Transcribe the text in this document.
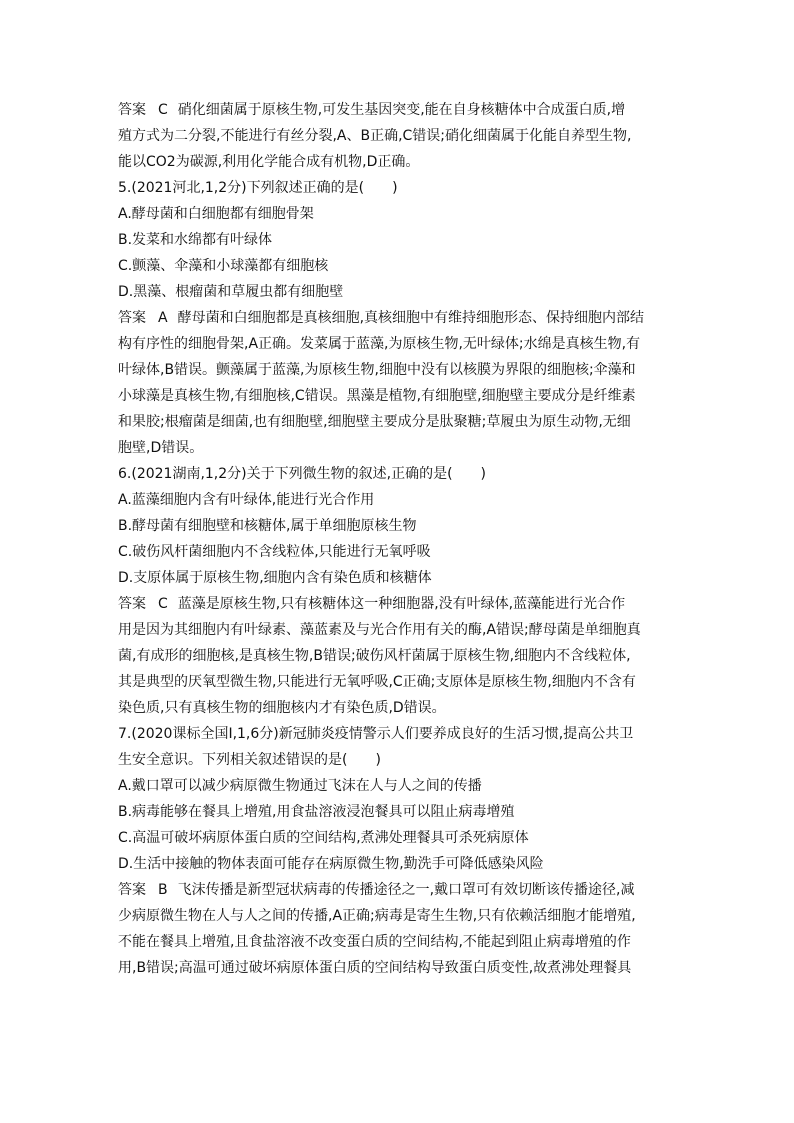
答案 C 硝化细菌属于原核生物,可发生基因突变,能在自身核糖体中合成蛋白质,增
殖方式为二分裂,不能进行有丝分裂,A、B正确,C错误;硝化细菌属于化能自养型生物,
能以CO2为碳源,利用化学能合成有机物,D正确。
5.(2021河北,1,2分)下列叙述正确的是(　　)
A.酵母菌和白细胞都有细胞骨架
B.发菜和水绵都有叶绿体
C.颤藻、伞藻和小球藻都有细胞核
D.黑藻、根瘤菌和草履虫都有细胞壁
答案 A 酵母菌和白细胞都是真核细胞,真核细胞中有维持细胞形态、保持细胞内部结
构有序性的细胞骨架,A正确。发菜属于蓝藻,为原核生物,无叶绿体;水绵是真核生物,有
叶绿体,B错误。颤藻属于蓝藻,为原核生物,细胞中没有以核膜为界限的细胞核;伞藻和
小球藻是真核生物,有细胞核,C错误。黑藻是植物,有细胞壁,细胞壁主要成分是纤维素
和果胶;根瘤菌是细菌,也有细胞壁,细胞壁主要成分是肽聚糖;草履虫为原生动物,无细
胞壁,D错误。
6.(2021湖南,1,2分)关于下列微生物的叙述,正确的是(　　)
A.蓝藻细胞内含有叶绿体,能进行光合作用
B.酵母菌有细胞壁和核糖体,属于单细胞原核生物
C.破伤风杆菌细胞内不含线粒体,只能进行无氧呼吸
D.支原体属于原核生物,细胞内含有染色质和核糖体
答案 C 蓝藻是原核生物,只有核糖体这一种细胞器,没有叶绿体,蓝藻能进行光合作
用是因为其细胞内有叶绿素、藻蓝素及与光合作用有关的酶,A错误;酵母菌是单细胞真
菌,有成形的细胞核,是真核生物,B错误;破伤风杆菌属于原核生物,细胞内不含线粒体,
其是典型的厌氧型微生物,只能进行无氧呼吸,C正确;支原体是原核生物,细胞内不含有
染色质,只有真核生物的细胞核内才有染色质,D错误。
7.(2020课标全国Ⅰ,1,6分)新冠肺炎疫情警示人们要养成良好的生活习惯,提高公共卫
生安全意识。下列相关叙述错误的是(　　)
A.戴口罩可以减少病原微生物通过飞沫在人与人之间的传播
B.病毒能够在餐具上增殖,用食盐溶液浸泡餐具可以阻止病毒增殖
C.高温可破坏病原体蛋白质的空间结构,煮沸处理餐具可杀死病原体
D.生活中接触的物体表面可能存在病原微生物,勤洗手可降低感染风险
答案 B 飞沫传播是新型冠状病毒的传播途径之一,戴口罩可有效切断该传播途径,减
少病原微生物在人与人之间的传播,A正确;病毒是寄生生物,只有依赖活细胞才能增殖,
不能在餐具上增殖,且食盐溶液不改变蛋白质的空间结构,不能起到阻止病毒增殖的作
用,B错误;高温可通过破坏病原体蛋白质的空间结构导致蛋白质变性,故煮沸处理餐具
